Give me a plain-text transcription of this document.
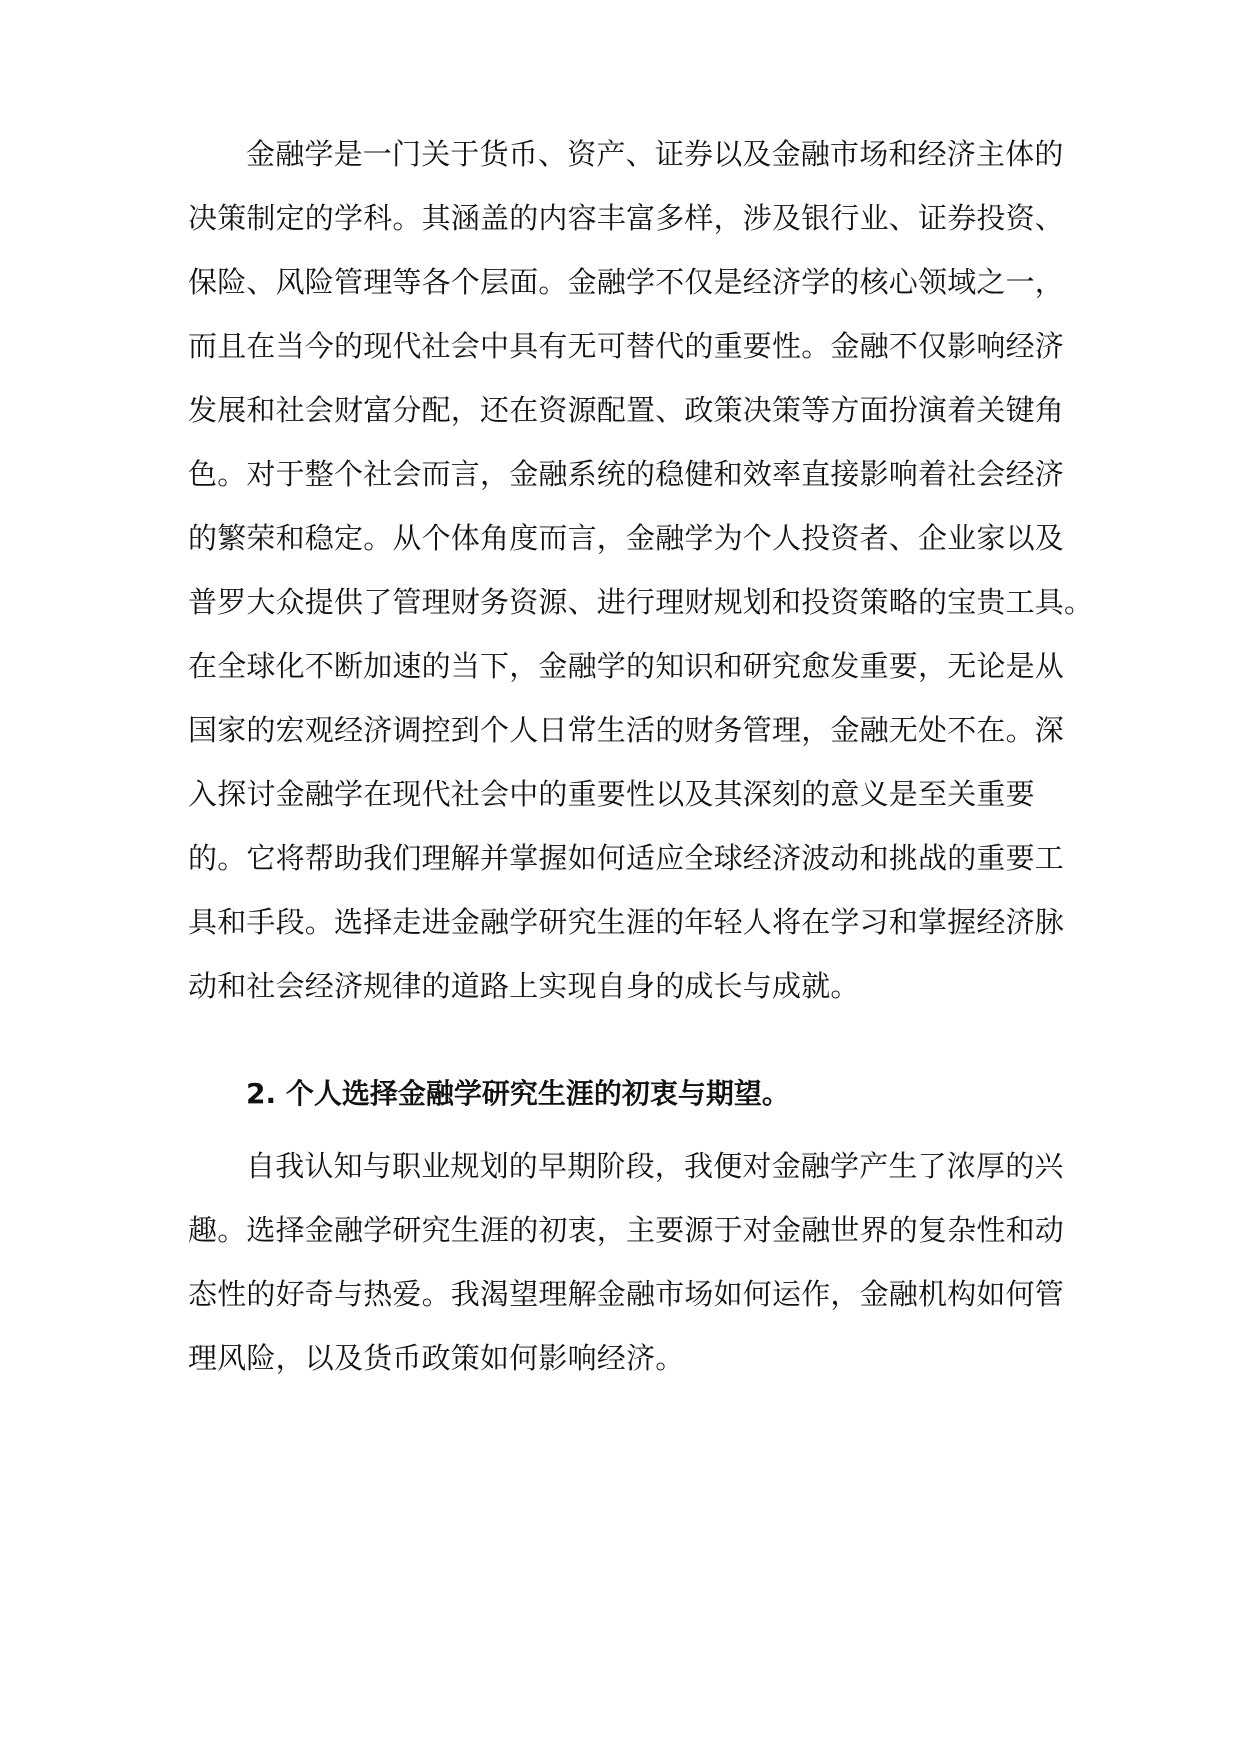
金融学是一门关于货币、资产、证券以及金融市场和经济主体的

决策制定的学科。其涵盖的内容丰富多样，涉及银行业、证券投资、

保险、风险管理等各个层面。金融学不仅是经济学的核心领域之一，

而且在当今的现代社会中具有无可替代的重要性。金融不仅影响经济

发展和社会财富分配，还在资源配置、政策决策等方面扮演着关键角

色。对于整个社会而言，金融系统的稳健和效率直接影响着社会经济

的繁荣和稳定。从个体角度而言，金融学为个人投资者、企业家以及

普罗大众提供了管理财务资源、进行理财规划和投资策略的宝贵工具。

在全球化不断加速的当下，金融学的知识和研究愈发重要，无论是从

国家的宏观经济调控到个人日常生活的财务管理，金融无处不在。深

入探讨金融学在现代社会中的重要性以及其深刻的意义是至关重要

的。它将帮助我们理解并掌握如何适应全球经济波动和挑战的重要工

具和手段。选择走进金融学研究生涯的年轻人将在学习和掌握经济脉

动和社会经济规律的道路上实现自身的成长与成就。

2. 个人选择金融学研究生涯的初衷与期望。

自我认知与职业规划的早期阶段，我便对金融学产生了浓厚的兴

趣。选择金融学研究生涯的初衷，主要源于对金融世界的复杂性和动

态性的好奇与热爱。我渴望理解金融市场如何运作，金融机构如何管

理风险，以及货币政策如何影响经济。
